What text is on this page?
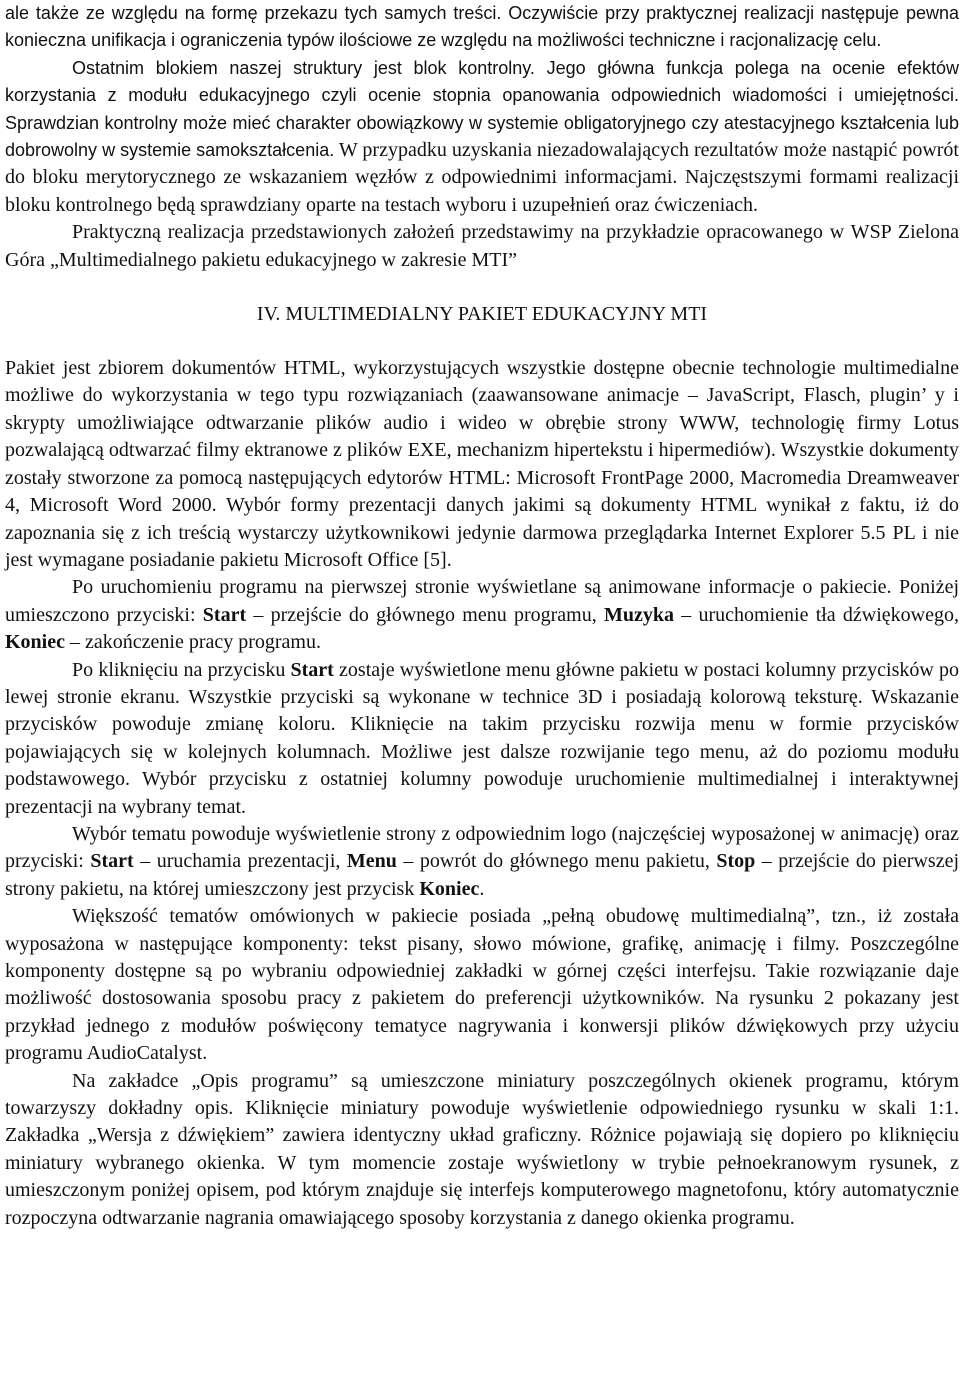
ale także ze względu na formę przekazu tych samych treści. Oczywiście przy praktycznej realizacji następuje pewna konieczna unifikacja i ograniczenia typów ilościowe ze względu na możliwości techniczne i racjonalizację celu.

Ostatnim blokiem naszej struktury jest blok kontrolny. Jego główna funkcja polega na ocenie efektów korzystania z modułu edukacyjnego czyli ocenie stopnia opanowania odpowiednich wiadomości i umiejętności. Sprawdzian kontrolny może mieć charakter obowiązkowy w systemie obligatoryjnego czy atestacyjnego kształcenia lub dobrowolny w systemie samokształcenia. W przypadku uzyskania niezadowalających rezultatów może nastąpić powrót do bloku merytorycznego ze wskazaniem węzłów z odpowiednimi informacjami. Najczęstszymi formami realizacji bloku kontrolnego będą sprawdziany oparte na testach wyboru i uzupełnień oraz ćwiczeniach.

Praktyczną realizacja przedstawionych założeń przedstawimy na przykładzie opracowanego w WSP Zielona Góra „Multimedialnego pakietu edukacyjnego w zakresie MTI”

IV. MULTIMEDIALNY PAKIET EDUKACYJNY MTI

Pakiet jest zbiorem dokumentów HTML, wykorzystujących wszystkie dostępne obecnie technologie multimedialne możliwe do wykorzystania w tego typu rozwiązaniach (zaawansowane animacje – JavaScript, Flasch, plugin’ y i skrypty umożliwiające odtwarzanie plików audio i wideo w obrębie strony WWW, technologię firmy Lotus pozwalającą odtwarzać filmy ektranowe z plików EXE, mechanizm hipertekstu i hipermediów). Wszystkie dokumenty zostały stworzone za pomocą następujących edytorów HTML: Microsoft FrontPage 2000, Macromedia Dreamweaver 4, Microsoft Word 2000. Wybór formy prezentacji danych jakimi są dokumenty HTML wynikał z faktu, iż do zapoznania się z ich treścią wystarczy użytkownikowi jedynie darmowa przeglądarka Internet Explorer 5.5 PL i nie jest wymagane posiadanie pakietu Microsoft Office [5].

Po uruchomieniu programu na pierwszej stronie wyświetlane są animowane informacje o pakiecie. Poniżej umieszczono przyciski: Start – przejście do głównego menu programu, Muzyka – uruchomienie tła dźwiękowego, Koniec – zakończenie pracy programu.

Po kliknięciu na przycisku Start zostaje wyświetlone menu główne pakietu w postaci kolumny przycisków po lewej stronie ekranu. Wszystkie przyciski są wykonane w technice 3D i posiadają kolorową teksturę. Wskazanie przycisków powoduje zmianę koloru. Kliknięcie na takim przycisku rozwija menu w formie przycisków pojawiających się w kolejnych kolumnach. Możliwe jest dalsze rozwijanie tego menu, aż do poziomu modułu podstawowego. Wybór przycisku z ostatniej kolumny powoduje uruchomienie multimedialnej i interaktywnej prezentacji na wybrany temat.

Wybór tematu powoduje wyświetlenie strony z odpowiednim logo (najczęściej wyposażonej w animację) oraz przyciski: Start – uruchamia prezentacji, Menu – powrót do głównego menu pakietu, Stop – przejście do pierwszej strony pakietu, na której umieszczony jest przycisk Koniec.

Większość tematów omówionych w pakiecie posiada „pełną obudowę multimedialną”, tzn., iż została wyposażona w następujące komponenty: tekst pisany, słowo mówione, grafikę, animację i filmy. Poszczególne komponenty dostępne są po wybraniu odpowiedniej zakładki w górnej części interfejsu. Takie rozwiązanie daje możliwość dostosowania sposobu pracy z pakietem do preferencji użytkowników. Na rysunku 2 pokazany jest przykład jednego z modułów poświęcony tematyce nagrywania i konwersji plików dźwiękowych przy użyciu programu AudioCatalyst.

Na zakładce „Opis programu” są umieszczone miniatury poszczególnych okienek programu, którym towarzyszy dokładny opis. Kliknięcie miniatury powoduje wyświetlenie odpowiedniego rysunku w skali 1:1. Zakładka „Wersja z dźwiękiem” zawiera identyczny układ graficzny. Różnice pojawiają się dopiero po kliknięciu miniatury wybranego okienka. W tym momencie zostaje wyświetlony w trybie pełnoekranowym rysunek, z umieszczonym poniżej opisem, pod którym znajduje się interfejs komputerowego magnetofonu, który automatycznie rozpoczyna odtwarzanie nagrania omawiającego sposoby korzystania z danego okienka programu.
